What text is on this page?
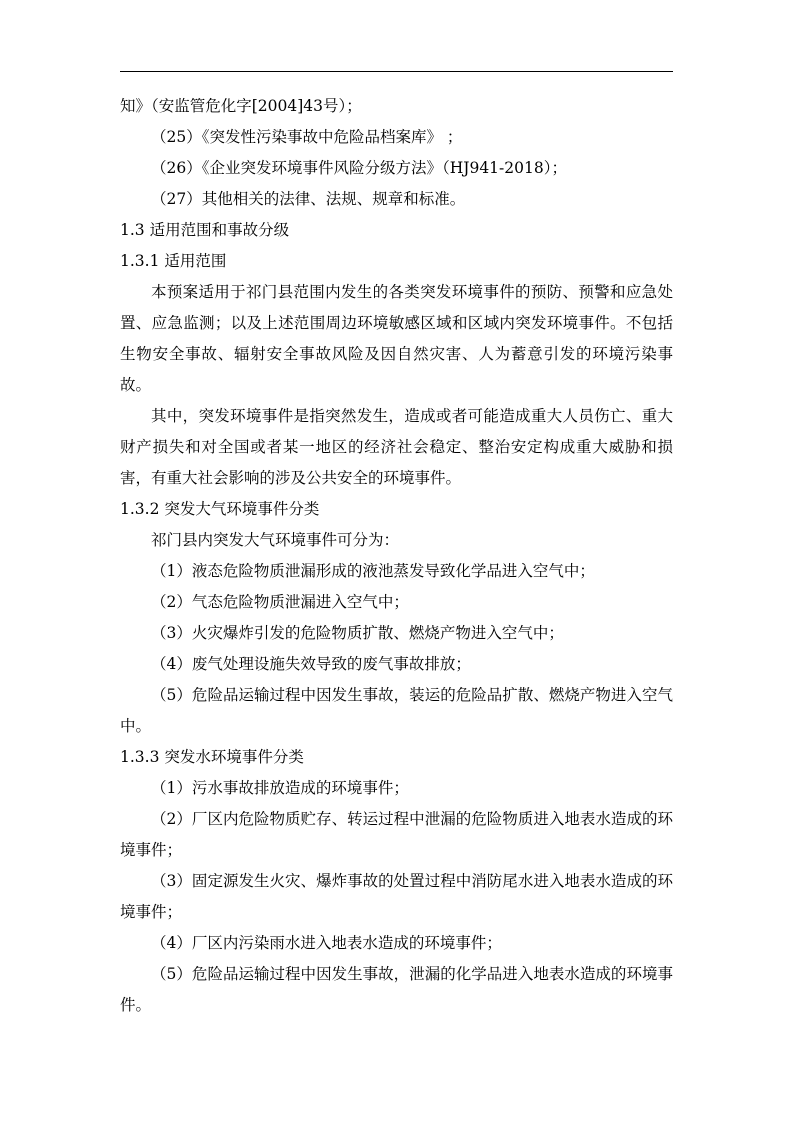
知》（安监管危化字[2004]43号）；

（25）《突发性污染事故中危险品档案库》 ；

（26）《企业突发环境事件风险分级方法》（HJ941-2018）；

（27）其他相关的法律、法规、规章和标准。

1.3 适用范围和事故分级

1.3.1 适用范围

本预案适用于祁门县范围内发生的各类突发环境事件的预防、预警和应急处置、应急监测；以及上述范围周边环境敏感区域和区域内突发环境事件。不包括生物安全事故、辐射安全事故风险及因自然灾害、人为蓄意引发的环境污染事故。

其中，突发环境事件是指突然发生，造成或者可能造成重大人员伤亡、重大财产损失和对全国或者某一地区的经济社会稳定、整治安定构成重大威胁和损害，有重大社会影响的涉及公共安全的环境事件。

1.3.2 突发大气环境事件分类

祁门县内突发大气环境事件可分为：

（1）液态危险物质泄漏形成的液池蒸发导致化学品进入空气中；

（2）气态危险物质泄漏进入空气中；

（3）火灾爆炸引发的危险物质扩散、燃烧产物进入空气中；

（4）废气处理设施失效导致的废气事故排放；

（5）危险品运输过程中因发生事故，装运的危险品扩散、燃烧产物进入空气中。

1.3.3 突发水环境事件分类

（1）污水事故排放造成的环境事件；

（2）厂区内危险物质贮存、转运过程中泄漏的危险物质进入地表水造成的环境事件；

（3）固定源发生火灾、爆炸事故的处置过程中消防尾水进入地表水造成的环境事件；

（4）厂区内污染雨水进入地表水造成的环境事件；

（5）危险品运输过程中因发生事故，泄漏的化学品进入地表水造成的环境事件。
